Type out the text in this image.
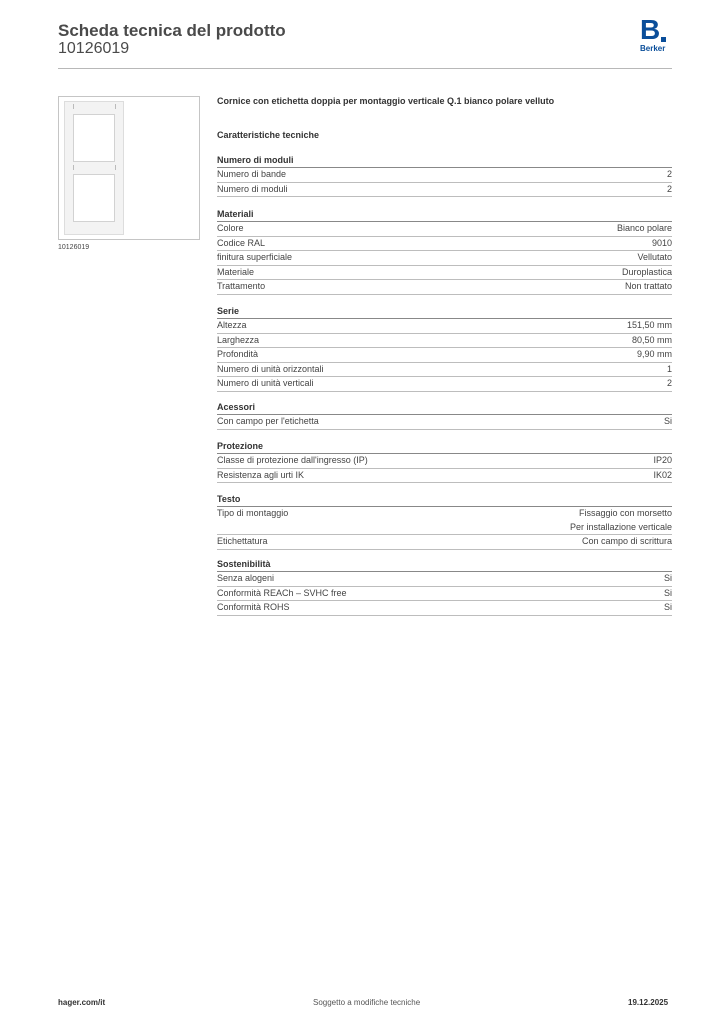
Scheda tecnica del prodotto
10126019
B
Berker
10126019
Cornice con etichetta doppia per montaggio verticale Q.1 bianco polare velluto
Caratteristiche tecniche
Numero di moduli
Numero di bande	2
Numero di moduli	2
Materiali
Colore	Bianco polare
Codice RAL	9010
finitura superficiale	Vellutato
Materiale	Duroplastica
Trattamento	Non trattato
Serie
Altezza	151,50 mm
Larghezza	80,50 mm
Profondità	9,90 mm
Numero di unità orizzontali	1
Numero di unità verticali	2
Acessori
Con campo per l'etichetta	Si
Protezione
Classe di protezione dall'ingresso (IP)	IP20
Resistenza agli urti IK	IK02
Testo
Tipo di montaggio	Fissaggio con morsetto
Per installazione verticale
Etichettatura	Con campo di scrittura
Sostenibilità
Senza alogeni	Si
Conformità REACh – SVHC free	Si
Conformità ROHS	Si
hager.com/it	Soggetto a modifiche tecniche	19.12.2025
